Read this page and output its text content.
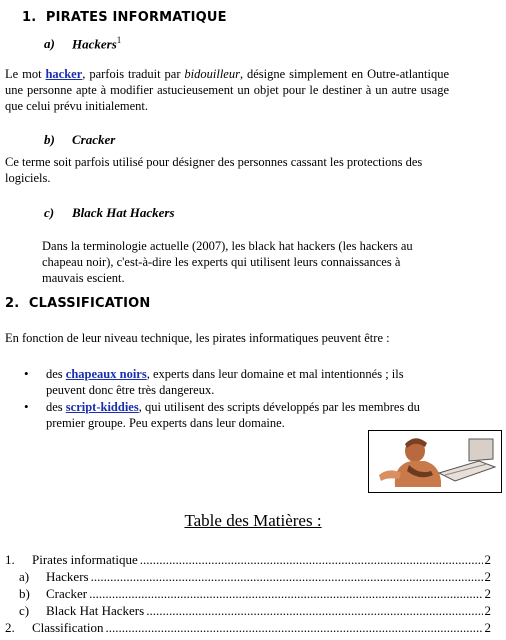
1. PIRATES INFORMATIQUE
a) Hackers$^1$
Le mot hacker, parfois traduit par bidouilleur, désigne simplement en Outre-atlantique une personne apte à modifier astucieusement un objet pour le destiner à un autre usage que celui prévu initialement.
b) Cracker
Ce terme soit parfois utilisé pour désigner des personnes cassant les protections des logiciels.
c) Black Hat Hackers
Dans la terminologie actuelle (2007), les black hat hackers (les hackers au chapeau noir), c'est-à-dire les experts qui utilisent leurs connaissances à mauvais escient.
2. CLASSIFICATION
En fonction de leur niveau technique, les pirates informatiques peuvent être :
•	des chapeaux noirs, experts dans leur domaine et mal intentionnés ; ils peuvent donc être très dangereux.
•	des script-kiddies, qui utilisent des scripts développés par les membres du premier groupe. Peu experts dans leur domaine.
Table des Matières :
1.	Pirates informatique .....	2
a)	Hackers .....	2
b)	Cracker .....	2
c)	Black Hat Hackers .....	2
2.	Classification .....	2
